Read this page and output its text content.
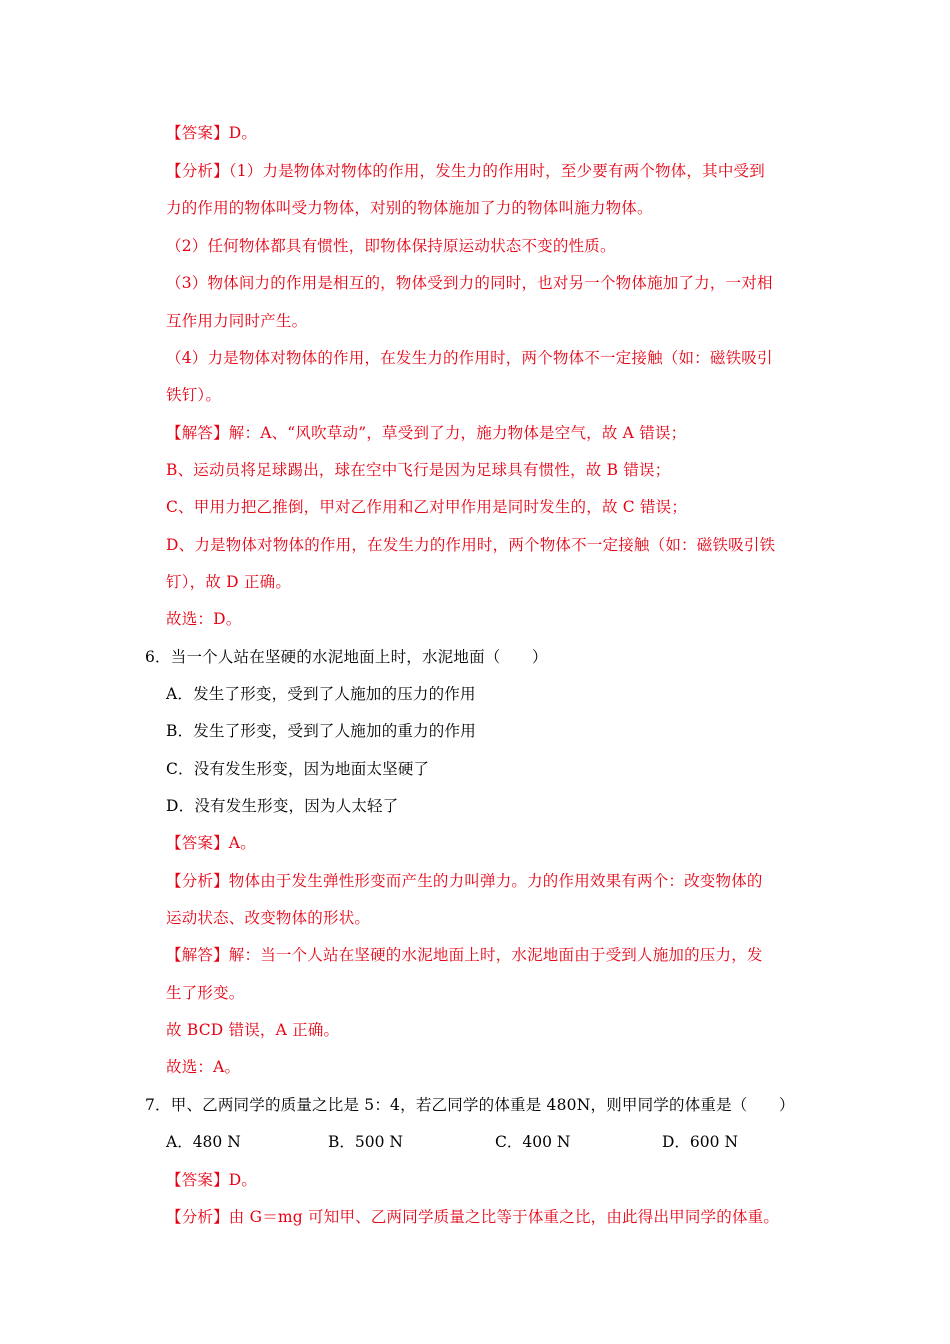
【答案】D。
【分析】（1）力是物体对物体的作用，发生力的作用时，至少要有两个物体，其中受到
力的作用的物体叫受力物体，对别的物体施加了力的物体叫施力物体。
（2）任何物体都具有惯性，即物体保持原运动状态不变的性质。
（3）物体间力的作用是相互的，物体受到力的同时，也对另一个物体施加了力，一对相
互作用力同时产生。
（4）力是物体对物体的作用，在发生力的作用时，两个物体不一定接触（如：磁铁吸引
铁钉）。
【解答】解：A、“风吹草动”，草受到了力，施力物体是空气，故 A 错误；
B、运动员将足球踢出，球在空中飞行是因为足球具有惯性，故 B 错误；
C、甲用力把乙推倒，甲对乙作用和乙对甲作用是同时发生的，故 C 错误；
D、力是物体对物体的作用，在发生力的作用时，两个物体不一定接触（如：磁铁吸引铁
钉），故 D 正确。
故选：D。
6．当一个人站在坚硬的水泥地面上时，水泥地面（　　）
A．发生了形变，受到了人施加的压力的作用
B．发生了形变，受到了人施加的重力的作用
C．没有发生形变，因为地面太坚硬了
D．没有发生形变，因为人太轻了
【答案】A。
【分析】物体由于发生弹性形变而产生的力叫弹力。力的作用效果有两个：改变物体的
运动状态、改变物体的形状。
【解答】解：当一个人站在坚硬的水泥地面上时，水泥地面由于受到人施加的压力，发
生了形变。
故 BCD 错误，A 正确。
故选：A。
7．甲、乙两同学的质量之比是 5：4，若乙同学的体重是 480N，则甲同学的体重是（　　）
【答案】D。
【分析】由 G＝mg 可知甲、乙两同学质量之比等于体重之比，由此得出甲同学的体重。
A．480 N	B．500 N	C．400 N	D．600 N
